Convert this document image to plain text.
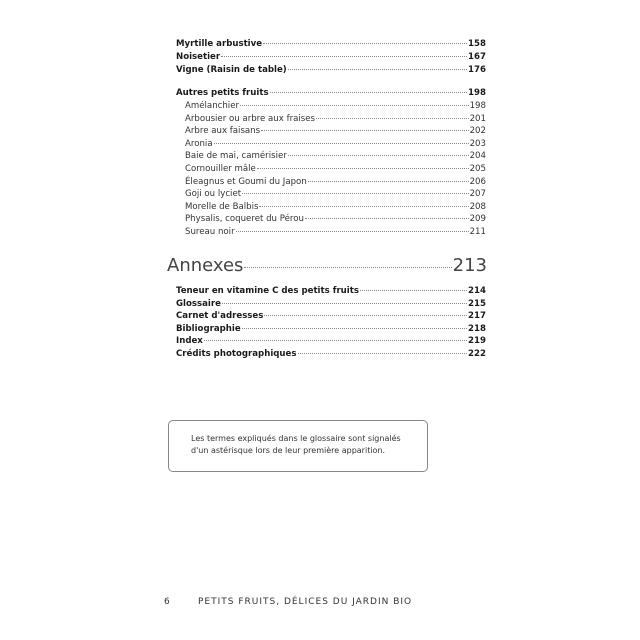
Myrtille arbustive	158
Noisetier	167
Vigne (Raisin de table)	176
Autres petits fruits	198
Amélanchier	198
Arbousier ou arbre aux fraises	201
Arbre aux faisans	202
Aronia	203
Baie de mai, camérisier	204
Cornouiller mâle	205
Éleagnus et Goumi du Japon	206
Goji ou lyciet	207
Morelle de Balbis	208
Physalis, coqueret du Pérou	209
Sureau noir	211
Annexes	213
Teneur en vitamine C des petits fruits	214
Glossaire	215
Carnet d'adresses	217
Bibliographie	218
Index	219
Crédits photographiques	222
Les termes expliqués dans le glossaire sont signalés
d'un astérisque lors de leur première apparition.
6	PETITS FRUITS, DÉLICES DU JARDIN BIO
